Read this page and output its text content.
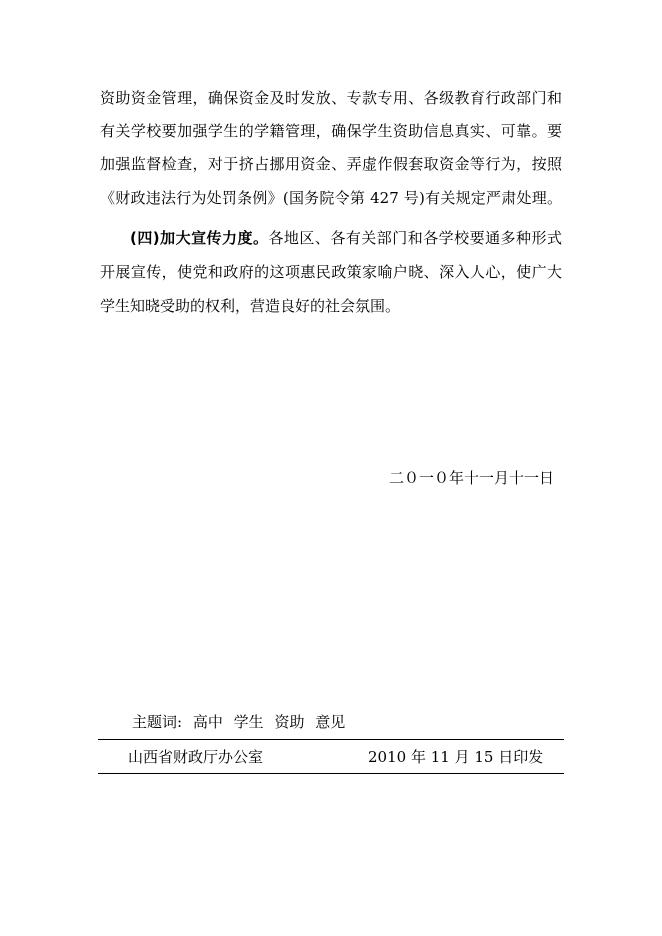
资助资金管理，确保资金及时发放、专款专用、各级教育行政部门和
有关学校要加强学生的学籍管理，确保学生资助信息真实、可靠。要
加强监督检查，对于挤占挪用资金、弄虚作假套取资金等行为，按照
《财政违法行为处罚条例》(国务院令第 427 号)有关规定严肃处理。
(四)加大宣传力度。各地区、各有关部门和各学校要通多种形式
开展宣传，使党和政府的这项惠民政策家喻户晓、深入人心，使广大
学生知晓受助的权利，营造良好的社会氛围。
二０一０年十一月十一日
主题词: 高中 学生 资助 意见
山西省财政厅办公室	2010 年 11 月 15 日印发
